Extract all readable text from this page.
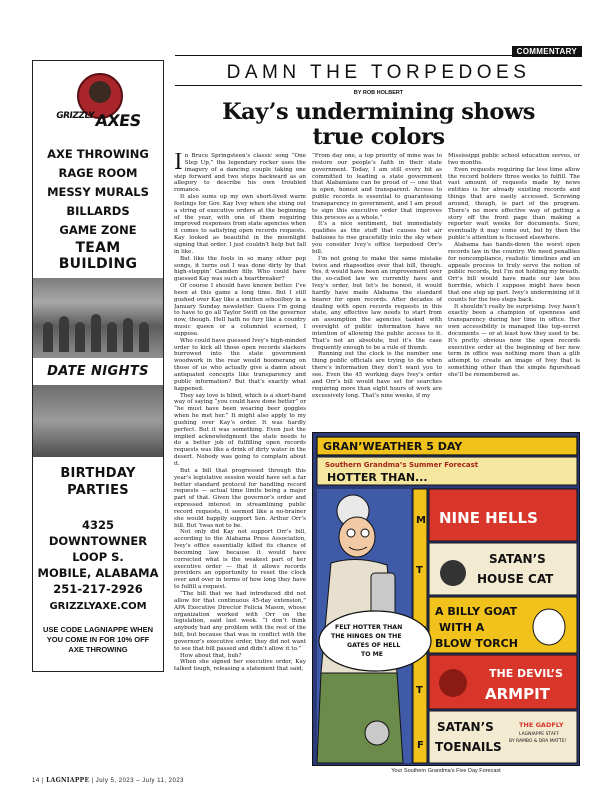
$^{GRIZZLY}$AXES
AXE THROWING
RAGE ROOM
MESSY MURALS
BILLARDS
GAME ZONE
TEAM
BUILDING
DATE NIGHTS
BIRTHDAY
PARTIES
4325 DOWNTOWNER
LOOP S.
MOBILE, ALABAMA
251-217-2926
GRIZZLYAXE.COM
USE CODE LAGNIAPPE WHEN YOU COME IN FOR 10% OFF AXE THROWING
COMMENTARY
DAMN THE TORPEDOES
BY ROB HOLBERT
Kay’s undermining shows
true colors

In Bruce Springsteen’s classic song “One Step Up,” the legendary rocker uses the imagery of a dancing couple taking one step forward and two steps backward as an allegory to describe his own troubled romance.

It also sums up my own short-lived warm feelings for Gov. Kay Ivey when she stung out a string of executive orders at the beginning of the year, with one of them requiring improved responses from state agencies when it comes to satisfying open records requests. Kay looked as beautiful in the moonlight signing that order. I just couldn’t help but fall in like.

But like the fools in so many other pop songs, it turns out I was done dirty by that high-steppin’ Camden filly. Who could have guessed Kay was such a heartbreaker?

Of course I should have known better. I’ve been at this game a long time. But I still gushed over Kay like a smitten schoolboy in a January Sunday newsletter. Guess I’m going to have to go all Taylor Swift on the governor now, though. Hell hath no fury like a country music queen or a columnist scorned, I suppose.

Who could have guessed Ivey’s high-minded order to kick all those open records slackers burrowed into the state government woodwork in the rear would boomerang on those of us who actually give a damn about antiquated concepts like transparency and public information? But that’s exactly what happened.

They say love is blind, which is a short-hand way of saying “you could have done better” or “he must have been wearing beer goggles when he met her.” It might also apply to my gushing over Kay’s order. It was hardly perfect. But it was something. Even just the implied acknowledgment the state needs to do a better job of fulfilling open records requests was like a drink of dirty water in the desert. Nobody was going to complain about it.

But a bill that progressed through this year’s legislative session would have set a far better standard protocol for handling record requests — actual time limits being a major part of that. Given the governor’s order and expressed interest in streamlining public record requests, it seemed like a no-brainer she would happily support Sen. Arthur Orr’s bill. But ’twas not to be.

Not only did Kay not support Orr’s bill, according to the Alabama Press Association, Ivey’s office essentially killed its chance of becoming law because it would have corrected what is the weakest part of her executive order — that it allows records providers an opportunity to reset the clock over and over in terms of how long they have to fulfill a request.

“The bill that we had introduced did not allow for that continuous 45-day extension,” APA Executive Director Felicia Mason, whose organization worked with Orr on the legislation, said last week. “I don’t think anybody had any problem with the rest of the bill, but because that was in conflict with the governor’s executive order, they did not want to see that bill passed and didn’t allow it to.”

How about that, huh?

When she signed her executive order, Kay talked tough, releasing a statement that said,

“From day one, a top priority of mine was to restore our people’s faith in their state government. Today, I am still every bit as committed to leading a state government that Alabamians can be proud of — one that is open, honest and transparent. Access to public records is essential to guaranteeing transparency in government, and I am proud to sign this executive order that improves this process as a whole.”

It’s a nice sentiment, but immediately qualifies as the stuff that causes hot air balloons to rise gracefully into the sky when you consider Ivey’s office torpedoed Orr’s bill.

I’m not going to make the same mistake twice and rhapsodize over that bill, though. Yes, it would have been an improvement over the so-called law we currently have and Ivey’s order, but let’s be honest, it would hardly have made Alabama the standard bearer for open records. After decades of dealing with open records requests in this state, any effective law needs to start from an assumption the agencies tasked with oversight of public information have no intention of allowing the public access to it. That’s not an absolute, but it’s the case frequently enough to be a rule of thumb.

Running out the clock is the number one thing public officials are trying to do when there’s information they don’t want you to see. Even the 45 working days Ivey’s order and Orr’s bill would have set for searches requiring more than eight hours of work are excessively long. That’s nine weeks, if my

Mississippi public school education serves, or two months.

Even requests requiring far less time allow the record holders three weeks to fulfill. The vast amount of requests made by news entities is for already existing records and things that are easily accessed. Screwing around, though, is part of the program. There’s no more effective way of getting a story off the front page than making a reporter wait weeks for documents. Sure, eventually it may come out, but by then the public’s attention is focused elsewhere.

Alabama has hands-down the worst open records law in the country. We need penalties for noncompliance, realistic timelines and an appeals process to truly serve the notion of public records, but I’m not holding my breath. Orr’s bill would have made our law less horrible, which I suppose might have been that one step up part. Ivey’s undermining of it counts for the two steps back.

It shouldn’t really be surprising. Ivey hasn’t exactly been a champion of openness and transparency during her time in office. Her own accessibility is managed like top-secret documents — or at least how they used to be. It’s pretty obvious now the open records executive order at the beginning of her new term in office was nothing more than a glib attempt to create an image of Ivey that is something other than the simple figurehead she’ll be remembered as.

GRAN’WEATHER 5 DAY
Southern Grandma’s Summer Forecast
HOTTER THAN...
M
T
T
F
NINE HELLS
SATAN’S
HOUSE CAT
A BILLY GOAT
WITH A
BLOW TORCH
THE DEVIL’S
ARMPIT
SATAN’S
TOENAILS
THE GADFLY
LAGNIAPPE STAFF
BY RAMBO & DRA MATTE!
FELT HOTTER THAN
THE HINGES ON THE
GATES OF HELL
TO ME
Your Southern Grandma’s Five Day Forecast
14 | LAGNIAPPE | July 5, 2023 – July 11, 2023
